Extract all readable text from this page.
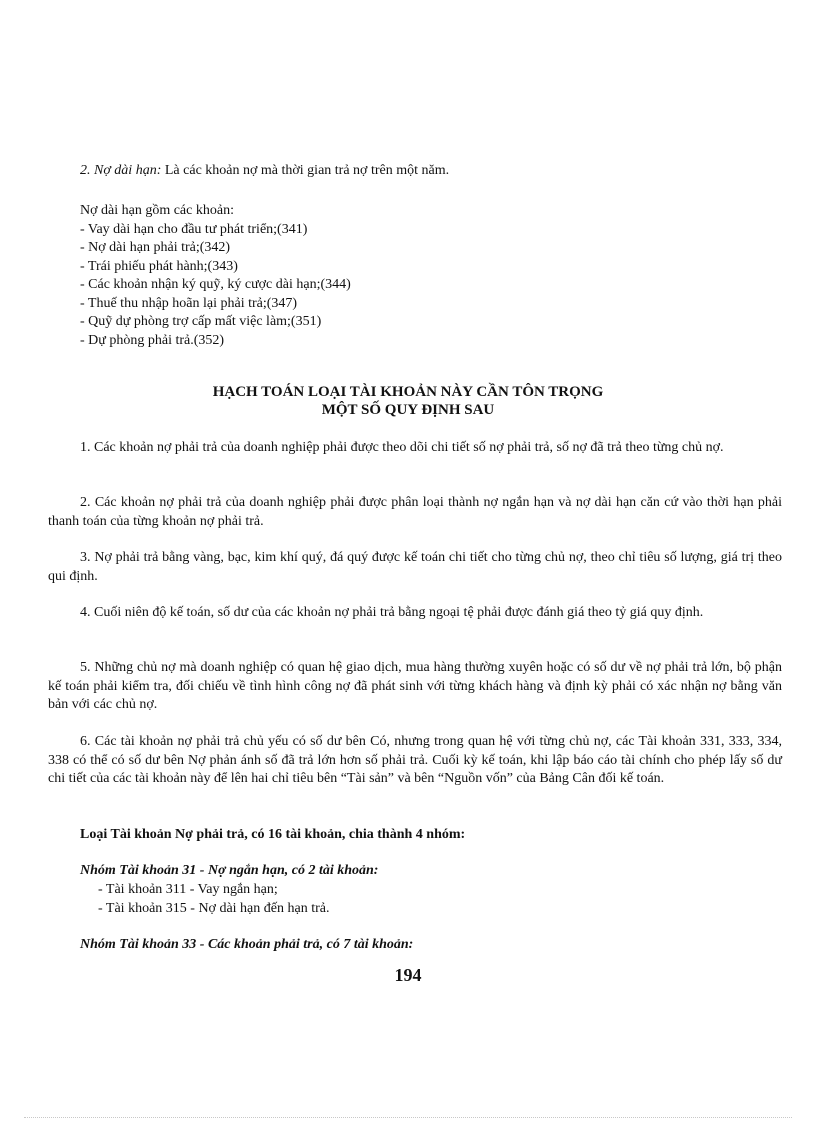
2. Nợ dài hạn: Là các khoản nợ mà thời gian trả nợ trên một năm.
Nợ dài hạn gồm các khoản:
- Vay dài hạn cho đầu tư phát triển;(341)
- Nợ dài hạn phải trả;(342)
- Trái phiếu phát hành;(343)
- Các khoản nhận ký quỹ, ký cược dài hạn;(344)
- Thuế thu nhập hoãn lại phải trả;(347)
- Quỹ dự phòng trợ cấp mất việc làm;(351)
- Dự phòng phải trả.(352)
HẠCH TOÁN LOẠI TÀI KHOẢN NÀY CẦN TÔN TRỌNG
MỘT SỐ QUY ĐỊNH SAU
1. Các khoản nợ phải trả của doanh nghiệp phải được theo dõi chi tiết số nợ phải trả, số nợ đã trả theo từng chủ nợ.
2. Các khoản nợ phải trả của doanh nghiệp phải được phân loại thành nợ ngắn hạn và nợ dài hạn căn cứ vào thời hạn phải thanh toán của từng khoản nợ phải trả.
3. Nợ phải trả bằng vàng, bạc, kim khí quý, đá quý được kế toán chi tiết cho từng chủ nợ, theo chỉ tiêu số lượng, giá trị theo qui định.
4. Cuối niên độ kế toán, số dư của các khoản nợ phải trả bằng ngoại tệ phải được đánh giá theo tỷ giá quy định.
5. Những chủ nợ mà doanh nghiệp có quan hệ giao dịch, mua hàng thường xuyên hoặc có số dư về nợ phải trả lớn, bộ phận kế toán phải kiểm tra, đối chiếu về tình hình công nợ đã phát sinh với từng khách hàng và định kỳ phải có xác nhận nợ bằng văn bản với các chủ nợ.
6. Các tài khoản nợ phải trả chủ yếu có số dư bên Có, nhưng trong quan hệ với từng chủ nợ, các Tài khoản 331, 333, 334, 338 có thể có số dư bên Nợ phản ánh số đã trả lớn hơn số phải trả. Cuối kỳ kế toán, khi lập báo cáo tài chính cho phép lấy số dư chi tiết của các tài khoản này để lên hai chỉ tiêu bên “Tài sản” và bên “Nguồn vốn” của Bảng Cân đối kế toán.
Loại Tài khoản Nợ phải trả, có 16 tài khoản, chia thành 4 nhóm:
Nhóm Tài khoản 31 - Nợ ngắn hạn, có 2 tài khoản:
- Tài khoản 311 - Vay ngắn hạn;
- Tài khoản 315 - Nợ dài hạn đến hạn trả.
Nhóm Tài khoản 33 - Các khoản phải trả, có 7 tài khoản:
194
